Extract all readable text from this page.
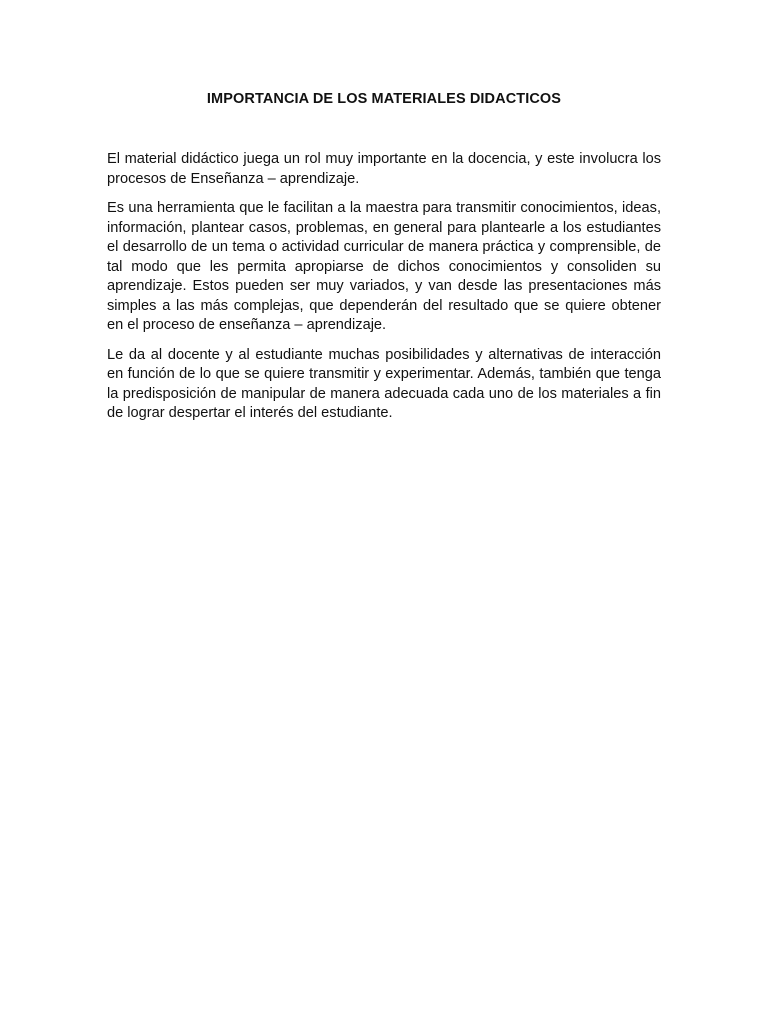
IMPORTANCIA DE LOS MATERIALES DIDACTICOS

El material didáctico juega un rol muy importante en la docencia, y este involucra los procesos de Enseñanza – aprendizaje.

Es una herramienta que le facilitan a la maestra para transmitir conocimientos, ideas, información, plantear casos, problemas, en general para plantearle a los estudiantes el desarrollo de un tema o actividad curricular de manera práctica y comprensible, de tal modo que les permita apropiarse de dichos conocimientos y consoliden su aprendizaje. Estos pueden ser muy variados, y van desde las presentaciones más simples a las más complejas, que dependerán del resultado que se quiere obtener en el proceso de enseñanza – aprendizaje.

Le da al docente y al estudiante muchas posibilidades y alternativas de interacción en función de lo que se quiere transmitir y experimentar. Además, también que tenga la predisposición de manipular de manera adecuada cada uno de los materiales a fin de lograr despertar el interés del estudiante.
